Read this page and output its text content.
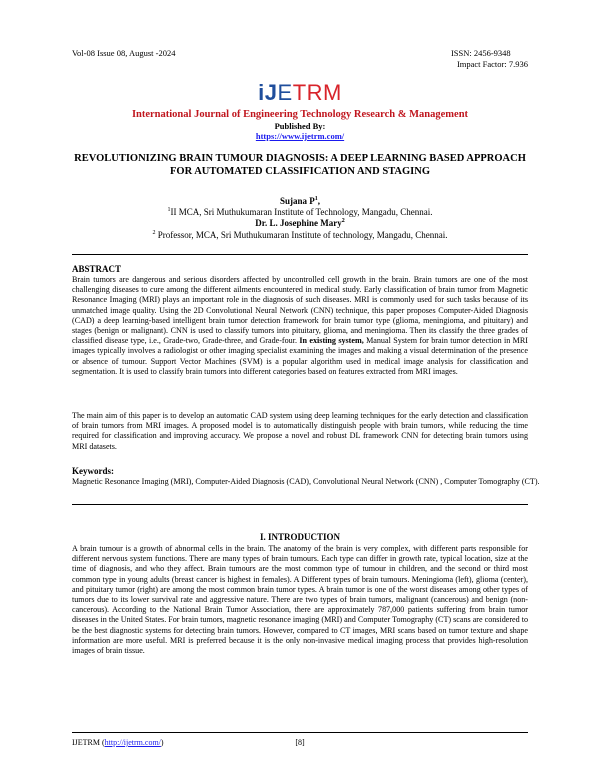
Vol-08 Issue 08, August -2024	ISSN: 2456-9348
Impact Factor: 7.936
iJETRM
International Journal of Engineering Technology Research & Management
Published By:
https://www.ijetrm.com/
REVOLUTIONIZING BRAIN TUMOUR DIAGNOSIS: A DEEP LEARNING BASED APPROACH FOR AUTOMATED CLASSIFICATION AND STAGING
Sujana $P^1$,
$^1$II MCA, Sri Muthukumaran Institute of Technology, Mangadu, Chennai.
Dr. L. Josephine Mary$^2$
$^2$ Professor, MCA, Sri Muthukumaran Institute of technology, Mangadu, Chennai.
ABSTRACT
Brain tumors are dangerous and serious disorders affected by uncontrolled cell growth in the brain. Brain tumors are one of the most challenging diseases to cure among the different ailments encountered in medical study. Early classification of brain tumor from Magnetic Resonance Imaging (MRI) plays an important role in the diagnosis of such diseases. MRI is commonly used for such tasks because of its unmatched image quality. Using the 2D Convolutional Neural Network (CNN) technique, this paper proposes Computer-Aided Diagnosis (CAD) a deep learning-based intelligent brain tumor detection framework for brain tumor type (glioma, meningioma, and pituitary) and stages (benign or malignant). CNN is used to classify tumors into pituitary, glioma, and meningioma. Then its classify the three grades of classified disease type, i.e., Grade-two, Grade-three, and Grade-four. In existing system, Manual System for brain tumor detection in MRI images typically involves a radiologist or other imaging specialist examining the images and making a visual determination of the presence or absence of tumour. Support Vector Machines (SVM) is a popular algorithm used in medical image analysis for classification and segmentation. It is used to classify brain tumors into different categories based on features extracted from MRI images.
The main aim of this paper is to develop an automatic CAD system using deep learning techniques for the early detection and classification of brain tumors from MRI images. A proposed model is to automatically distinguish people with brain tumors, while reducing the time required for classification and improving accuracy. We propose a novel and robust DL framework CNN for detecting brain tumors using MRI datasets.
Keywords:
Magnetic Resonance Imaging (MRI), Computer-Aided Diagnosis (CAD), Convolutional Neural Network (CNN) , Computer Tomography (CT).
I. INTRODUCTION
A brain tumour is a growth of abnormal cells in the brain. The anatomy of the brain is very complex, with different parts responsible for different nervous system functions. There are many types of brain tumours. Each type can differ in growth rate, typical location, size at the time of diagnosis, and who they affect. Brain tumours are the most common type of tumour in children, and the second or third most common type in young adults (breast cancer is highest in females). A Different types of brain tumours. Meningioma (left), glioma (center), and pituitary tumor (right) are among the most common brain tumor types. A brain tumor is one of the worst diseases among other types of tumors due to its lower survival rate and aggressive nature. There are two types of brain tumors, malignant (cancerous) and benign (non-cancerous). According to the National Brain Tumor Association, there are approximately 787,000 patients suffering from brain tumor diseases in the United States. For brain tumors, magnetic resonance imaging (MRI) and Computer Tomography (CT) scans are considered to be the best diagnostic systems for detecting brain tumors. However, compared to CT images, MRI scans based on tumor texture and shape information are more useful. MRI is preferred because it is the only non-invasive medical imaging process that provides high-resolution images of brain tissue.
IJETRM (http://ijetrm.com/)	[8]
